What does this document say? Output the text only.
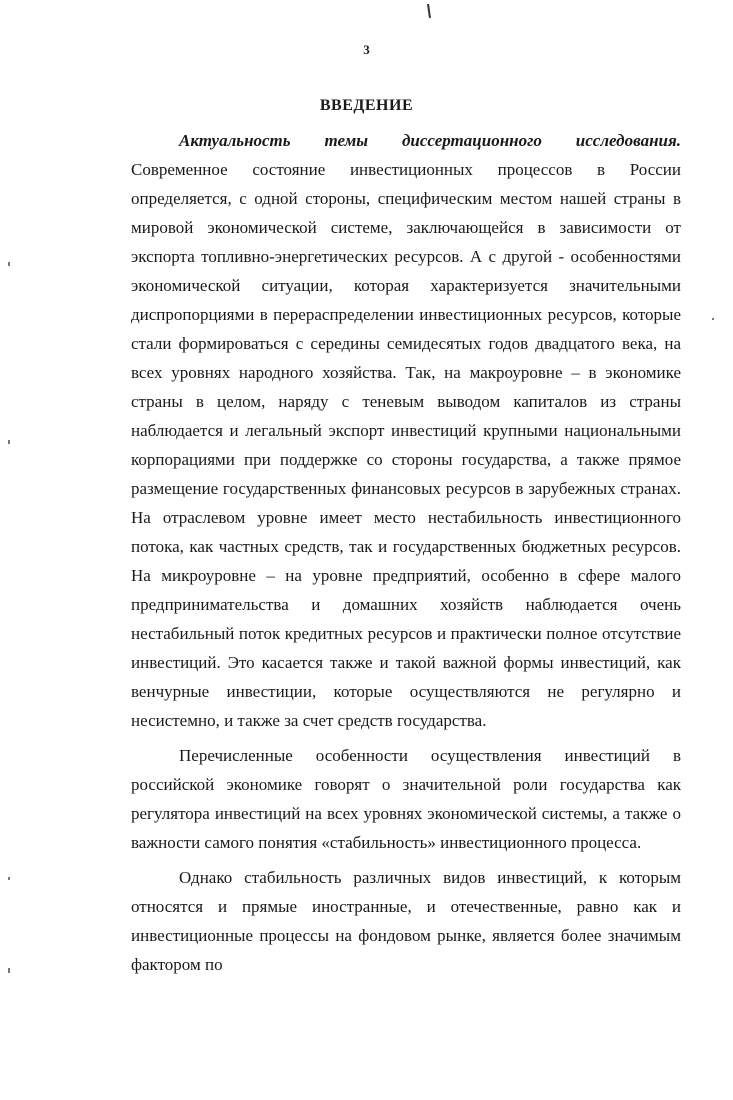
3
ВВЕДЕНИЕ

Актуальность темы диссертационного исследования. Современное состояние инвестиционных процессов в России определяется, с одной стороны, специфическим местом нашей страны в мировой экономической системе, заключающейся в зависимости от экспорта топливно-энергетических ресурсов. А с другой - особенностями экономической ситуации, которая характеризуется значительными диспропорциями в перераспределении инвестиционных ресурсов, которые стали формироваться с середины семидесятых годов двадцатого века, на всех уровнях народного хозяйства. Так, на макроуровне – в экономике страны в целом, наряду с теневым выводом капиталов из страны наблюдается и легальный экспорт инвестиций крупными национальными корпорациями при поддержке со стороны государства, а также прямое размещение государственных финансовых ресурсов в зарубежных странах. На отраслевом уровне имеет место нестабильность инвестиционного потока, как частных средств, так и государственных бюджетных ресурсов. На микроуровне – на уровне предприятий, особенно в сфере малого предпринимательства и домашних хозяйств наблюдается очень нестабильный поток кредитных ресурсов и практически полное отсутствие инвестиций. Это касается также и такой важной формы инвестиций, как венчурные инвестиции, которые осуществляются не регулярно и несистемно, и также за счет средств государства.

Перечисленные особенности осуществления инвестиций в российской экономике говорят о значительной роли государства как регулятора инвестиций на всех уровнях экономической системы, а также о важности самого понятия «стабильность» инвестиционного процесса.

Однако стабильность различных видов инвестиций, к которым относятся и прямые иностранные, и отечественные, равно как и инвестиционные процессы на фондовом рынке, является более значимым фактором по
